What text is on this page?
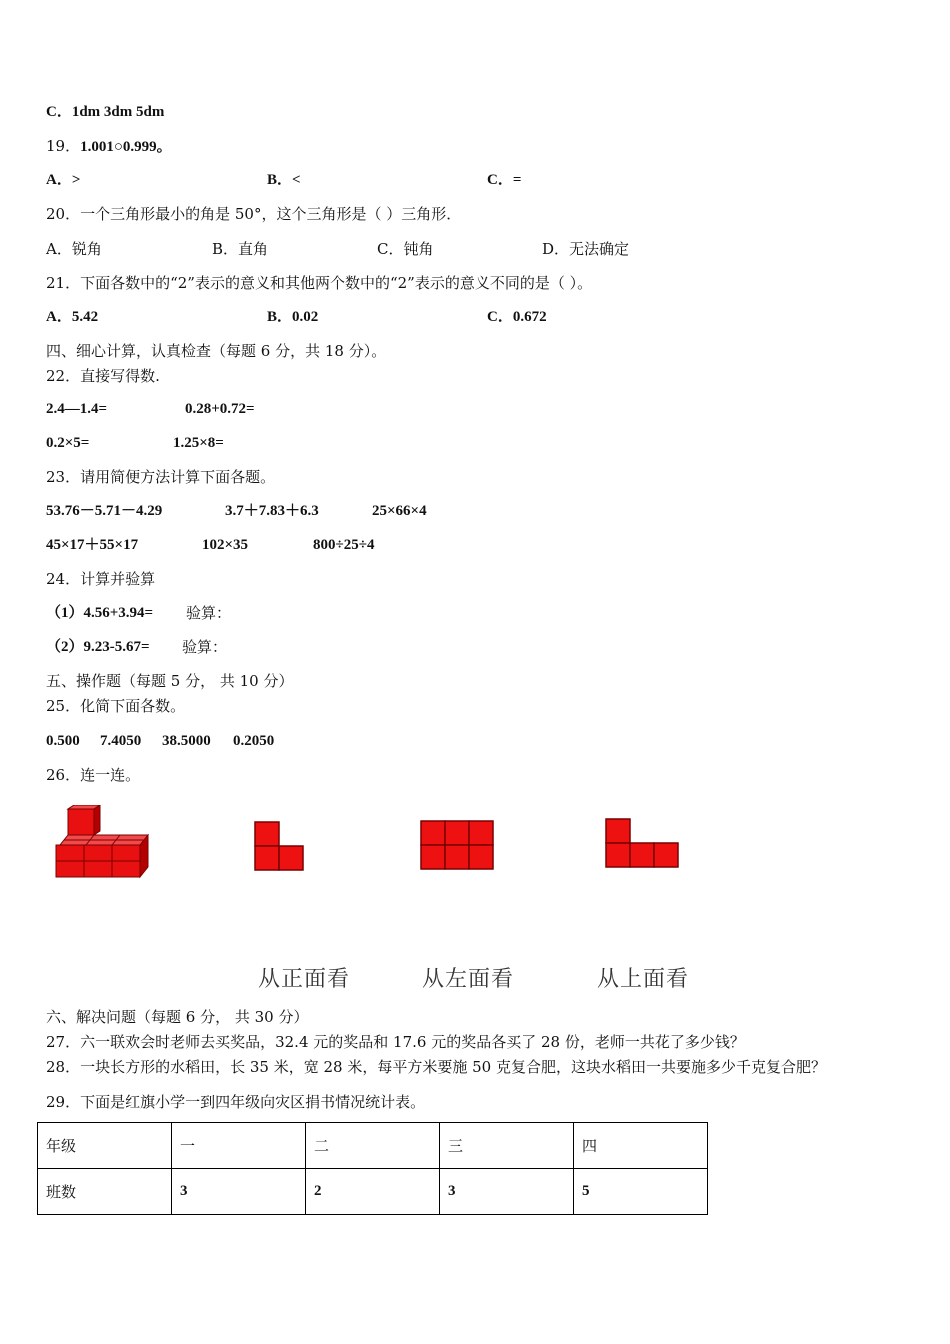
C．1dm 3dm 5dm
19．1.001○0.999。
A．>	B．<	C．=
20．一个三角形最小的角是 50°，这个三角形是（ ）三角形．
A．锐角	B．直角	C．钝角	D．无法确定
21．下面各数中的“2”表示的意义和其他两个数中的“2”表示的意义不同的是（ ）。
A．5.42	B．0.02	C．0.672
四、细心计算，认真检查（每题 6 分，共 18 分）。
22．直接写得数.
2.4—1.4=	0.28+0.72=
0.2×5=	1.25×8=
23．请用简便方法计算下面各题。
53.76－5.71－4.29	3.7＋7.83＋6.3	25×66×4
45×17＋55×17	102×35	800÷25÷4
24．计算并验算
（1）4.56+3.94= 验算：
（2）9.23-5.67= 验算：
五、操作题（每题 5 分， 共 10 分）
25．化简下面各数。
0.500 7.4050 38.5000 0.2050
26．连一连。
从正面看	从左面看	从上面看
六、解决问题（每题 6 分， 共 30 分）
27．六一联欢会时老师去买奖品，32.4 元的奖品和 17.6 元的奖品各买了 28 份，老师一共花了多少钱？
28．一块长方形的水稻田，长 35 米，宽 28 米，每平方米要施 50 克复合肥，这块水稻田一共要施多少千克复合肥？
29．下面是红旗小学一到四年级向灾区捐书情况统计表。
年级	一	二	三	四
班数	3	2	3	5
